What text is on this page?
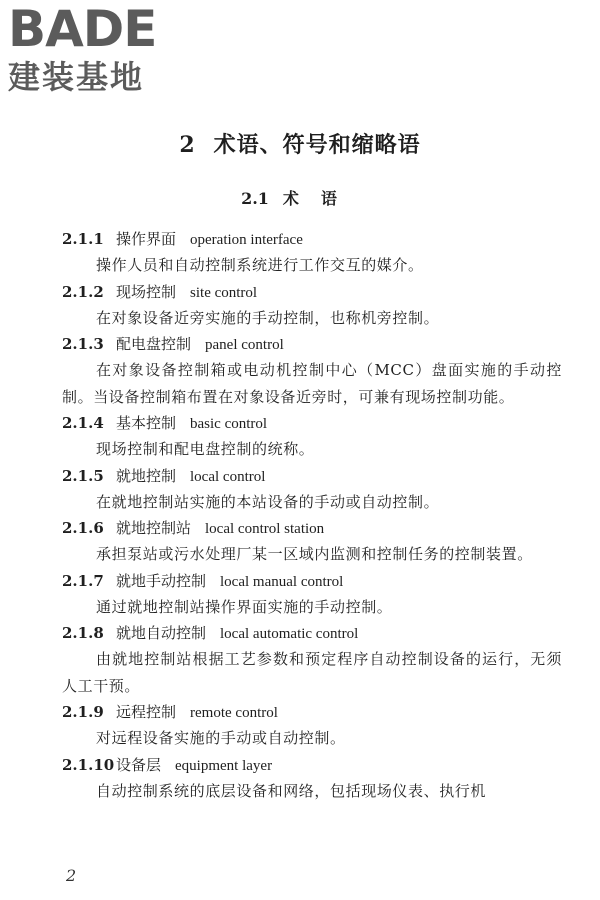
BADE
建装基地
2 术语、符号和缩略语
2.1 术语
2.1.1 操作界面 operation interface

操作人员和自动控制系统进行工作交互的媒介。

2.1.2 现场控制 site control

在对象设备近旁实施的手动控制，也称机旁控制。

2.1.3 配电盘控制 panel control

在对象设备控制箱或电动机控制中心（MCC）盘面实施的手动控制。当设备控制箱布置在对象设备近旁时，可兼有现场控制功能。

2.1.4 基本控制 basic control

现场控制和配电盘控制的统称。

2.1.5 就地控制 local control

在就地控制站实施的本站设备的手动或自动控制。

2.1.6 就地控制站 local control station

承担泵站或污水处理厂某一区域内监测和控制任务的控制装置。

2.1.7 就地手动控制 local manual control

通过就地控制站操作界面实施的手动控制。

2.1.8 就地自动控制 local automatic control

由就地控制站根据工艺参数和预定程序自动控制设备的运行，无须人工干预。

2.1.9 远程控制 remote control

对远程设备实施的手动或自动控制。

2.1.10 设备层 equipment layer

自动控制系统的底层设备和网络，包括现场仪表、执行机

2
